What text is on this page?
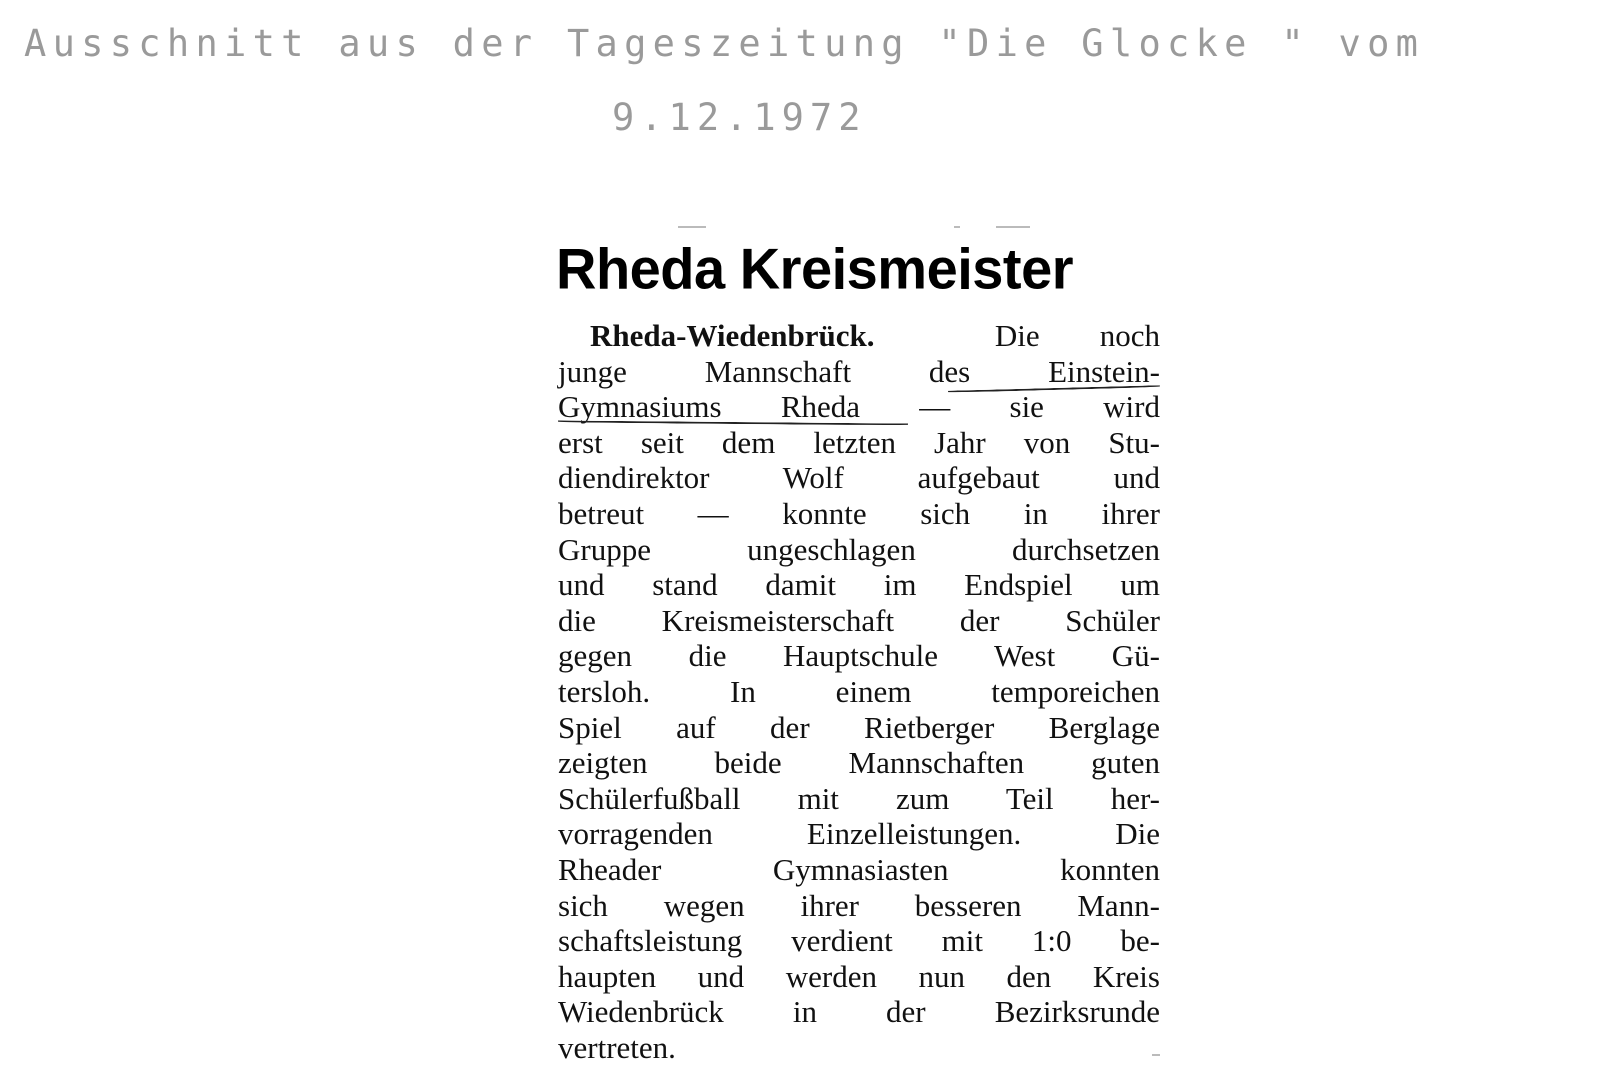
Ausschnitt aus der Tageszeitung "Die Glocke " vom
9.12.1972
Rheda Kreismeister
Rheda-Wiedenbrück.	Die noch
junge Mannschaft des Einstein-
Gymnasiums Rheda — sie wird
erst seit dem letzten Jahr von Stu-
diendirektor Wolf aufgebaut und
betreut — konnte sich in ihrer
Gruppe ungeschlagen durchsetzen
und stand damit im Endspiel um
die Kreismeisterschaft der Schüler
gegen die Hauptschule West Gü-
tersloh. In einem temporeichen
Spiel auf der Rietberger Berglage
zeigten beide Mannschaften guten
Schülerfußball mit zum Teil her-
vorragenden Einzelleistungen. Die
Rheader Gymnasiasten konnten
sich wegen ihrer besseren Mann-
schaftsleistung verdient mit 1:0 be-
haupten und werden nun den Kreis
Wiedenbrück in der Bezirksrunde
vertreten.
